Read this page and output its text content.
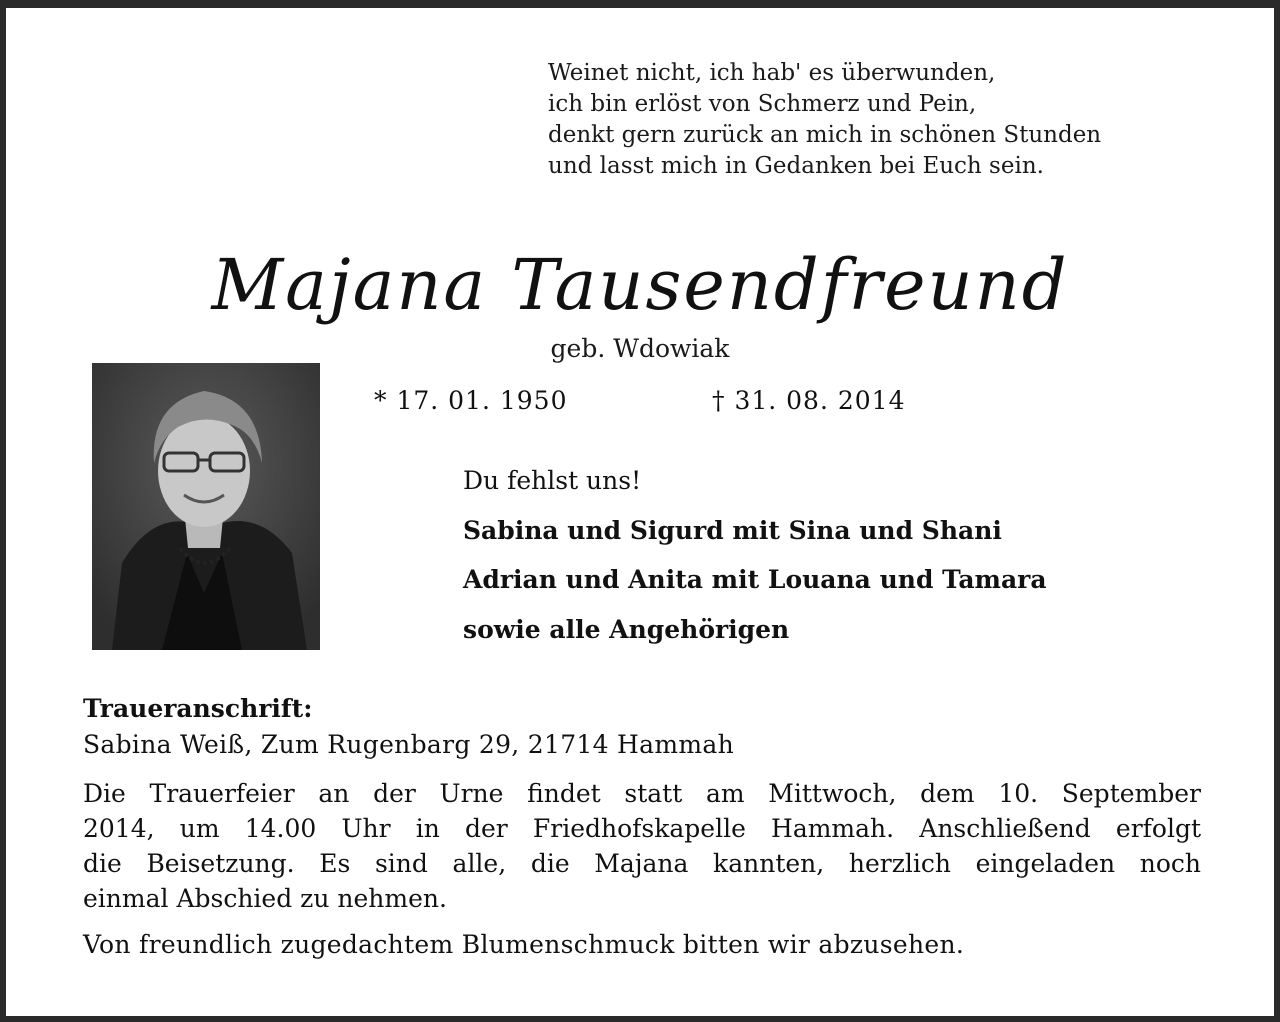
Weinet nicht, ich hab' es überwunden,
ich bin erlöst von Schmerz und Pein,
denkt gern zurück an mich in schönen Stunden
und lasst mich in Gedanken bei Euch sein.
Majana Tausendfreund
geb. Wdowiak
* 17. 01. 1950	† 31. 08. 2014
Du fehlst uns!
Sabina und Sigurd mit Sina und Shani
Adrian und Anita mit Louana und Tamara
sowie alle Angehörigen
Traueranschrift:
Sabina Weiß, Zum Rugenbarg 29, 21714 Hammah
Die Trauerfeier an der Urne findet statt am Mittwoch, dem 10. September
2014, um 14.00 Uhr in der Friedhofskapelle Hammah. Anschließend erfolgt
die Beisetzung. Es sind alle, die Majana kannten, herzlich eingeladen noch
einmal Abschied zu nehmen.
Von freundlich zugedachtem Blumenschmuck bitten wir abzusehen.
